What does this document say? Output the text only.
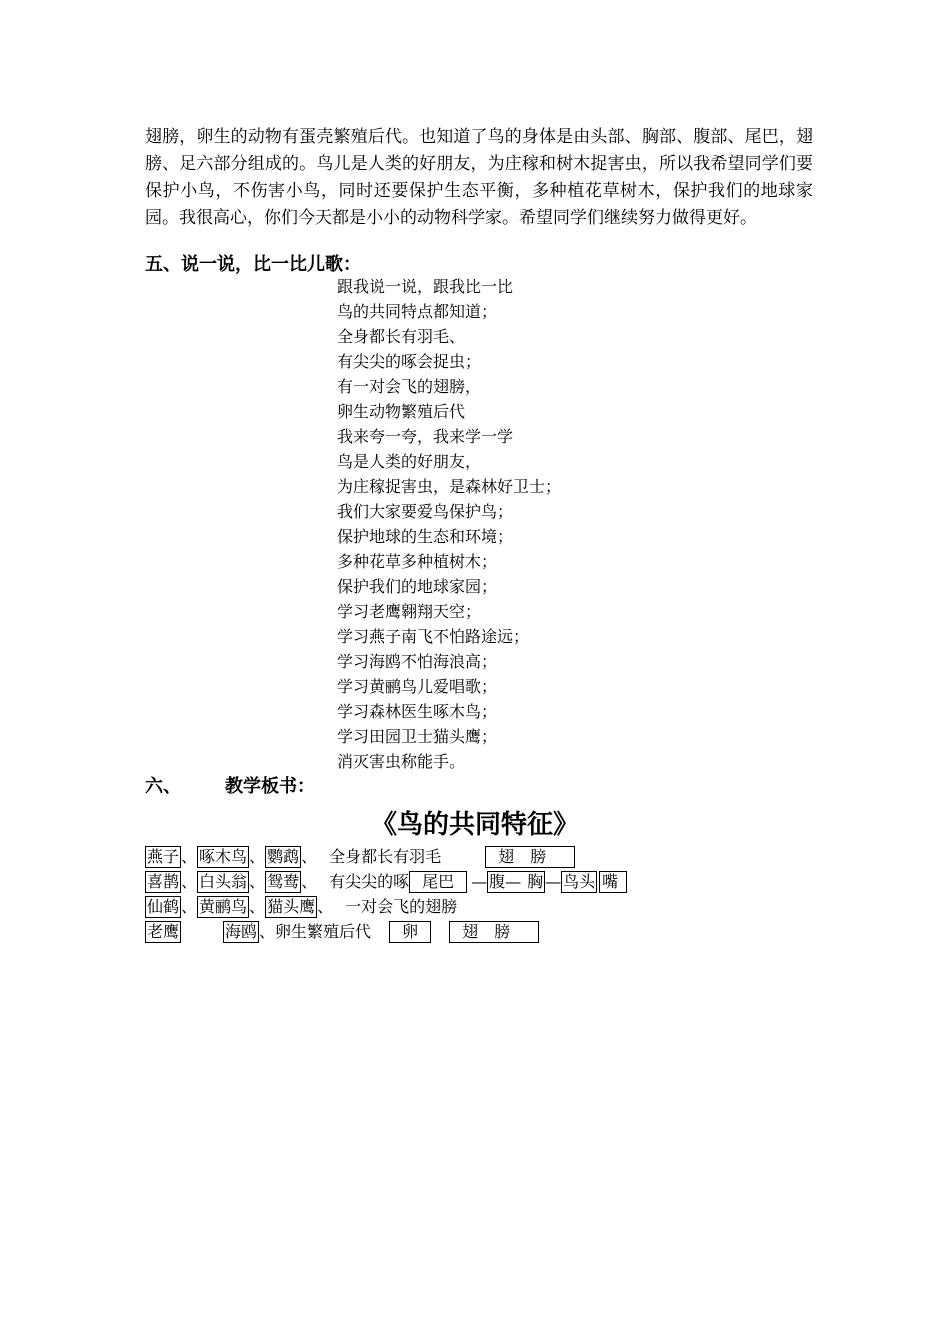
翅膀，卵生的动物有蛋壳繁殖后代。也知道了鸟的身体是由头部、胸部、腹部、尾巴，翅膀、足六部分组成的。鸟儿是人类的好朋友，为庄稼和树木捉害虫，所以我希望同学们要保护小鸟，不伤害小鸟，同时还要保护生态平衡，多种植花草树木，保护我们的地球家园。我很高心，你们今天都是小小的动物科学家。希望同学们继续努力做得更好。

五、说一说，比一比儿歌：
跟我说一说，跟我比一比
鸟的共同特点都知道；
全身都长有羽毛、
有尖尖的啄会捉虫；
有一对会飞的翅膀，
卵生动物繁殖后代
我来夸一夸，我来学一学
鸟是人类的好朋友，
为庄稼捉害虫，是森林好卫士；
我们大家要爱鸟保护鸟；
保护地球的生态和环境；
多种花草多种植树木；
保护我们的地球家园；
学习老鹰翱翔天空；
学习燕子南飞不怕路途远；
学习海鸥不怕海浪高；
学习黄鹂鸟儿爱唱歌；
学习森林医生啄木鸟；
学习田园卫士猫头鹰；
消灭害虫称能手。
六、 教学板书：
《鸟的共同特征》
燕子 、 啄木鸟 、 鹦鹉 、 全身都长有羽毛	翅膀
喜鹊 、 白头翁 、 鸳鸯 、 有尖尖的啄 尾巴 — 腹— 胸 — 鸟头 嘴
仙鹤 、 黄鹂鸟 、 猫头鹰 、 一对会飞的翅膀
老鹰	海鸥 、卵生繁殖后代 卵	翅膀
